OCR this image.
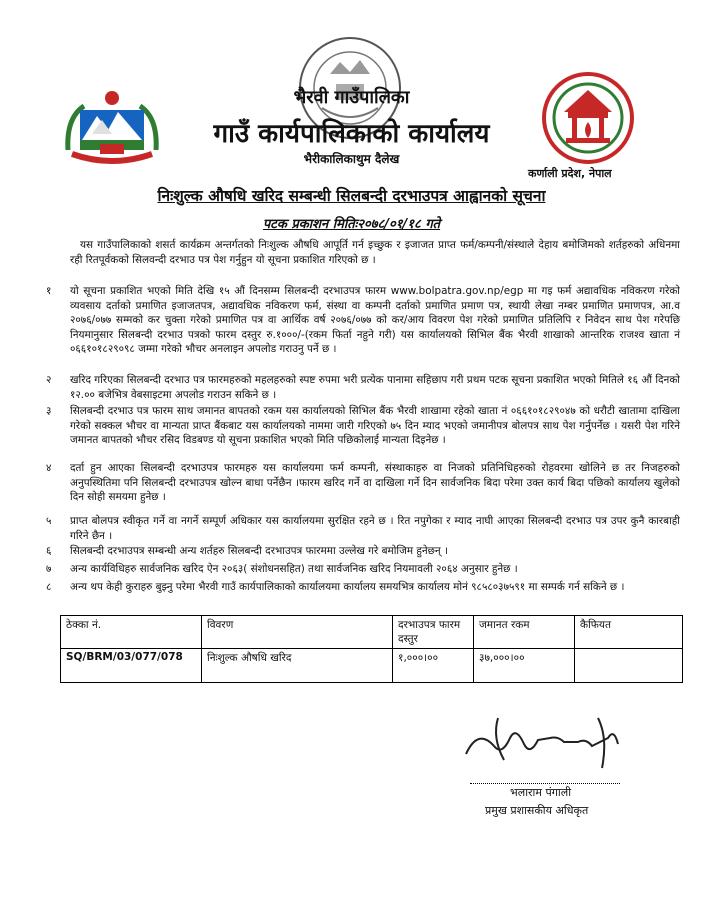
भैरवी गाउँपालिका
गाउँ कार्यपालिकाको कार्यालय
भैरीकालिकाथुम दैलेख
कर्णाली प्रदेश, नेपाल
निःशुल्क औषधि खरिद सम्बन्धी सिलबन्दी दरभाउपत्र आह्वानको सूचना
पटक प्रकाशन मितिः२०७८/०१/१८ गते
यस गाउँपालिकाको शसर्त कार्यक्रम अन्तर्गतको निःशुल्क औषधि आपूर्ति गर्न इच्छुक र इजाजत प्राप्त फर्म/कम्पनी/संस्थाले देहाय बमोजिमको शर्तहरुको अधिनमा रही रितपूर्वकको सिलवन्दी दरभाउ पत्र पेश गर्नुहुन यो सूचना प्रकाशित गरिएको छ ।
१	यो सूचना प्रकाशित भएको मिति देखि १५ औं दिनसम्म सिलबन्दी दरभाउपत्र फारम www.bolpatra.gov.np/egp मा गइ फर्म अद्यावधिक नविकरण गरेको व्यवसाय दर्ताको प्रमाणित इजाजतपत्र, अद्यावधिक नविकरण फर्म, संस्था वा कम्पनी दर्ताको प्रमाणित प्रमाण पत्र, स्थायी लेखा नम्बर प्रमाणित प्रमाणपत्र, आ.व २०७६/०७७ सम्मको कर चुक्ता गरेको प्रमाणित पत्र वा आर्थिक वर्ष २०७६/०७७ को कर/आय विवरण पेश गरेको प्रमाणित प्रतिलिपि र निवेदन साथ पेश गरेपछि नियमानुसार सिलबन्दी दरभाउ पत्रको फारम दस्तुर रु.१०००/-(रकम फिर्ता नहुने गरी) यस कार्यालयको सिभिल बैंक भैरवी शाखाको आन्तरिक राजश्व खाता नं ०६६१०१८२९०९८ जम्मा गरेको भौचर अनलाइन अपलोड गराउनु पर्ने छ ।
२	खरिद गरिएका सिलबन्दी दरभाउ पत्र फारमहरुको महलहरुको स्पष्ट रुपमा भरी प्रत्येक पानामा सहिछाप गरी प्रथम पटक सूचना प्रकाशित भएको मितिले १६ औं दिनको १२.०० बजेभित्र वेबसाइटमा अपलोड गराउन सकिने छ ।
३	सिलबन्दी दरभाउ पत्र फारम साथ जमानत बापतको रकम यस कार्यालयको सिभिल बैंक भैरवी शाखामा रहेको खाता नं ०६६१०१८२९०४७ को धरौटी खातामा दाखिला गरेको सक्कल भौचर वा मान्यता प्राप्त बैंकबाट यस कार्यालयको नाममा जारी गरिएको ७५ दिन म्याद भएको जमानीपत्र बोलपत्र साथ पेश गर्नुपर्नेछ । यसरी पेश गरिने जमानत बापतको भौचर रसिद विडबण्ड यो सूचना प्रकाशित भएको मिति पछिकोलाई मान्यता दिइनेछ ।
४	दर्ता हुन आएका सिलबन्दी दरभाउपत्र फारमहरु यस कार्यालयमा फर्म कम्पनी, संस्थाकाहरु वा निजको प्रतिनिधिहरुको रोहवरमा खोलिने छ तर निजहरुको अनुपस्थितिमा पनि सिलबन्दी दरभाउपत्र खोल्न बाधा पर्नेछैन ।फारम खरिद गर्ने वा दाखिला गर्ने दिन सार्वजनिक बिदा परेमा उक्त कार्य बिदा पछिको कार्यालय खुलेको दिन सोही समयमा हुनेछ ।
५	प्राप्त बोलपत्र स्वीकृत गर्ने वा नगर्ने सम्पूर्ण अधिकार यस कार्यालयमा सुरक्षित रहने छ । रित नपुगेका र म्याद नाघी आएका सिलबन्दी दरभाउ पत्र उपर कुनै कारबाही गरिने छैन ।
६	सिलबन्दी दरभाउपत्र सम्बन्धी अन्य शर्तहरु सिलबन्दी दरभाउपत्र फारममा उल्लेख गरे बमोजिम हुनेछन् ।
७	अन्य कार्यविधिहरु सार्वजनिक खरिद ऐन २०६३( संशोधनसहित) तथा सार्वजनिक खरिद नियमावली २०६४ अनुसार हुनेछ ।
८	अन्य थप केही कुराहरु बुझ्नु परेमा भैरवी गाउँ कार्यपालिकाको कार्यालयमा कार्यालय समयभित्र कार्यालय मोनं ९८५८०३७५९१ मा सम्पर्क गर्न सकिने छ ।
ठेक्का नं.	विवरण	दरभाउपत्र फारम दस्तुर	जमानत रकम	कैफियत
SQ/BRM/03/077/078	निःशुल्क औषधि खरिद	१,०००।००	३७,०००।००	
भलाराम पंगाली
प्रमुख प्रशासकीय अधिकृत
